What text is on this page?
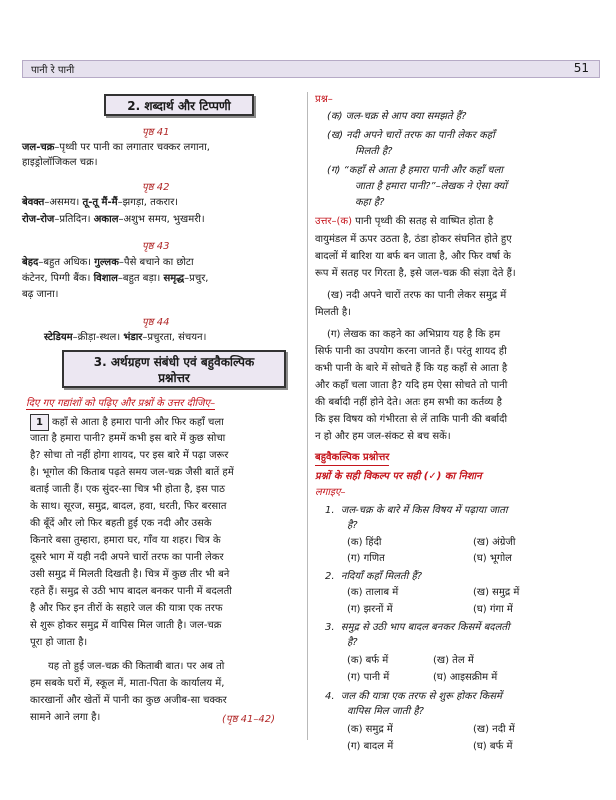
पानी रे पानी	51
2. शब्दार्थ और टिप्पणी
पृष्ठ 41
जल-चक्र–पृथ्वी पर पानी का लगातार चक्कर लगाना,
हाइड्रोलॉजिकल चक्र।
पृष्ठ 42
बेवक्त–असमय। तू-तू मैं-मैं–झगड़ा, तकरार।
रोज-रोज–प्रतिदिन। अकाल–अशुभ समय, भुखमरी।
पृष्ठ 43
बेहद–बहुत अधिक। गुल्लक–पैसे बचाने का छोटा
कंटेनर, पिग्गी बैंक। विशाल–बहुत बड़ा। समृद्ध–प्रचुर,
बढ़ जाना।
पृष्ठ 44
स्टेडियम–क्रीड़ा-स्थल। भंडार–प्रचुरता, संचयन।
3. अर्थग्रहण संबंधी एवं बहुवैकल्पिक
प्रश्नोत्तर
दिए गए गद्यांशों को पढ़िए और प्रश्नों के उत्तर दीजिए–
1 कहाँ से आता है हमारा पानी और फिर कहाँ चला
जाता है हमारा पानी? हममें कभी इस बारे में कुछ सोचा
है? सोचा तो नहीं होगा शायद, पर इस बारे में पढ़ा जरूर
है। भूगोल की किताब पढ़ते समय जल-चक्र जैसी बातें हमें
बताई जाती हैं। एक सुंदर-सा चित्र भी होता है, इस पाठ
के साथ। सूरज, समुद्र, बादल, हवा, धरती, फिर बरसात
की बूँदें और लो फिर बहती हुई एक नदी और उसके
किनारे बसा तुम्हारा, हमारा घर, गाँव या शहर। चित्र के
दूसरे भाग में यही नदी अपने चारों तरफ का पानी लेकर
उसी समुद्र में मिलती दिखती है। चित्र में कुछ तीर भी बने
रहते हैं। समुद्र से उठी भाप बादल बनकर पानी में बदलती
है और फिर इन तीरों के सहारे जल की यात्रा एक तरफ
से शुरू होकर समुद्र में वापिस मिल जाती है। जल-चक्र
पूरा हो जाता है।
यह तो हुई जल-चक्र की किताबी बात। पर अब तो
हम सबके घरों में, स्कूल में, माता-पिता के कार्यालय में,
कारखानों और खेतों में पानी का कुछ अजीब-सा चक्कर
सामने आने लगा है।	(पृष्ठ 41–42)
प्रश्न–
(क) जल-चक्र से आप क्या समझते हैं?
(ख) नदी अपने चारों तरफ का पानी लेकर कहाँ
मिलती है?
(ग) “कहाँ से आता है हमारा पानी और कहाँ चला
जाता है हमारा पानी?”–लेखक ने ऐसा क्यों
कहा है?
उत्तर–(क) पानी पृथ्वी की सतह से वाष्पित होता है
वायुमंडल में ऊपर उठता है, ठंडा होकर संघनित होते हुए
बादलों में बारिश या बर्फ बन जाता है, और फिर वर्षा के
रूप में सतह पर गिरता है, इसे जल-चक्र की संज्ञा देते हैं।
(ख) नदी अपने चारों तरफ का पानी लेकर समुद्र में
मिलती है।
(ग) लेखक का कहने का अभिप्राय यह है कि हम
सिर्फ पानी का उपयोग करना जानते हैं। परंतु शायद ही
कभी पानी के बारे में सोचते हैं कि यह कहाँ से आता है
और कहाँ चला जाता है? यदि हम ऐसा सोचते तो पानी
की बर्बादी नहीं होने देते। अतः हम सभी का कर्तव्य है
कि इस विषय को गंभीरता से लें ताकि पानी की बर्बादी
न हो और हम जल-संकट से बच सकें।
बहुवैकल्पिक प्रश्नोत्तर
प्रश्नों के सही विकल्प पर सही (✓) का निशान
लगाइए–
1. जल-चक्र के बारे में किस विषय में पढ़ाया जाता
है?
(क) हिंदी	(ख) अंग्रेजी
(ग) गणित	(घ) भूगोल
2. नदियाँ कहाँ मिलती हैं?
(क) तालाब में	(ख) समुद्र में
(ग) झरनों में	(घ) गंगा में
3. समुद्र से उठी भाप बादल बनकर किसमें बदलती
है?
(क) बर्फ में	(ख) तेल में
(ग) पानी में	(घ) आइसक्रीम में
4. जल की यात्रा एक तरफ से शुरू होकर किसमें
वापिस मिल जाती है?
(क) समुद्र में	(ख) नदी में
(ग) बादल में	(घ) बर्फ में
